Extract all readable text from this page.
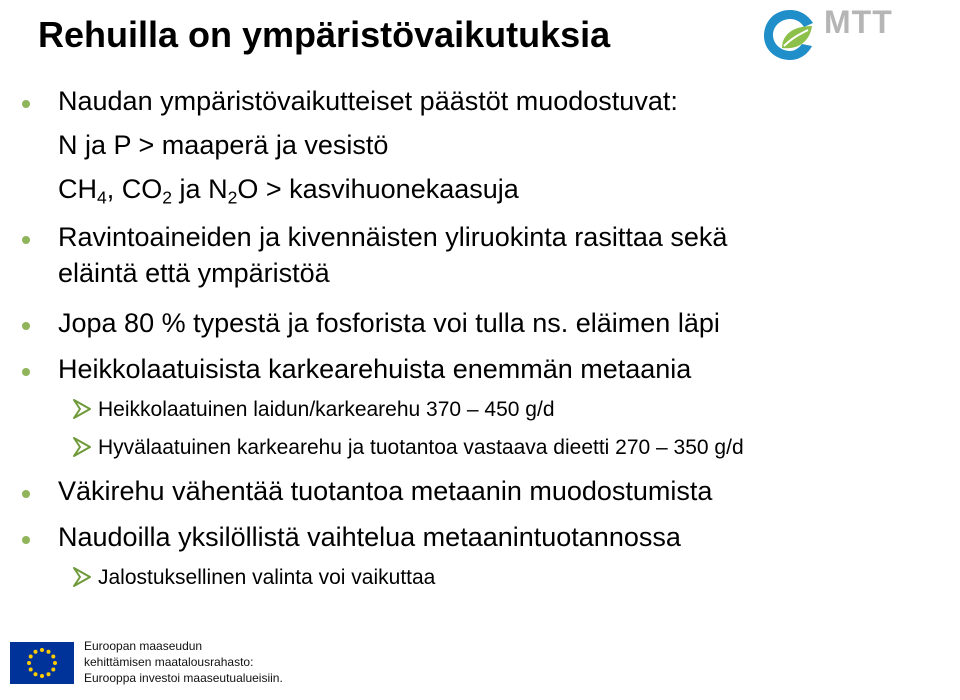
Rehuilla on ympäristövaikutuksia	MTT
Naudan ympäristövaikutteiset päästöt muodostuvat:
N ja P > maaperä ja vesistö
$CH_4$, $CO_2$ ja $N_2O$ > kasvihuonekaasuja
Ravintoaineiden ja kivennäisten yliruokinta rasittaa sekä
eläintä että ympäristöä
Jopa 80 % typestä ja fosforista voi tulla ns. eläimen läpi
Heikkolaatuisista karkearehuista enemmän metaania
Heikkolaatuinen laidun/karkearehu 370 – 450 g/d
Hyvälaatuinen karkearehu ja tuotantoa vastaava dieetti 270 – 350 g/d
Väkirehu vähentää tuotantoa metaanin muodostumista
Naudoilla yksilöllistä vaihtelua metaanintuotannossa
Jalostuksellinen valinta voi vaikuttaa
Euroopan maaseudun
kehittämisen maatalousrahasto:
Eurooppa investoi maaseutualueisiin.
